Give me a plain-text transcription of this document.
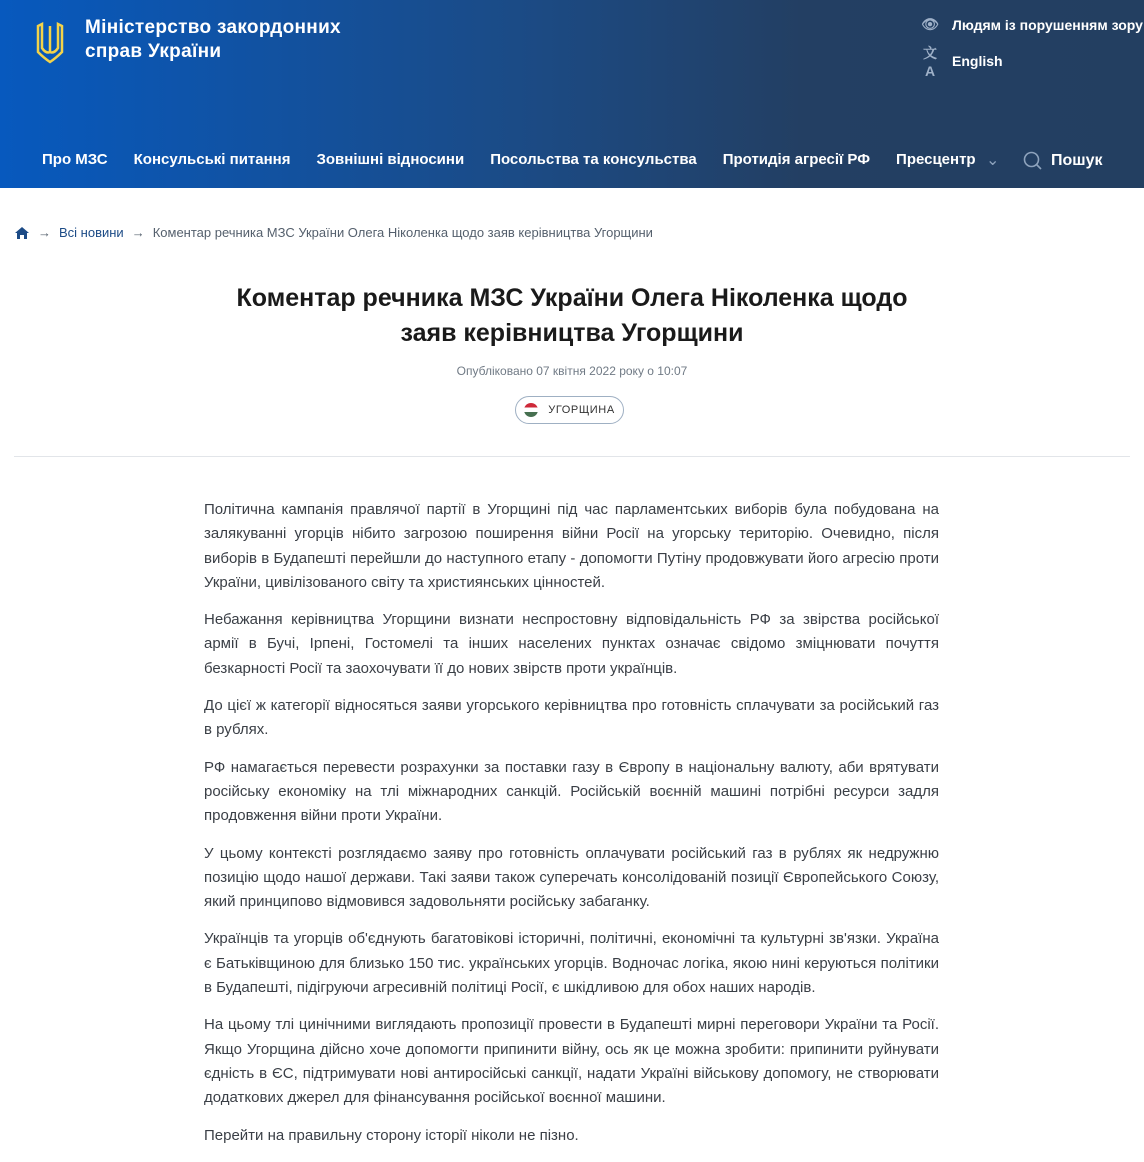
Міністерство закордонних
справ України
👁 Людям із порушенням зору
文A
English
Про МЗС Консульські питання Зовнішні відносини Посольства та консульства Протидія агресії РФ Пресцентр ⌄	Пошук
→ Всі новини → Коментар речника МЗС України Олега Ніколенка щодо заяв керівництва Угорщини
Коментар речника МЗС України Олега Ніколенка щодо заяв керівництва Угорщини
Опубліковано 07 квітня 2022 року о 10:07
УГОРЩИНА

Політична кампанія правлячої партії в Угорщині під час парламентських виборів була побудована на залякуванні угорців нібито загрозою поширення війни Росії на угорську територію. Очевидно, після виборів в Будапешті перейшли до наступного етапу - допомогти Путіну продовжувати його агресію проти України, цивілізованого світу та християнських цінностей.

Небажання керівництва Угорщини визнати неспростовну відповідальність РФ за звірства російської армії в Бучі, Ірпені, Гостомелі та інших населених пунктах означає свідомо зміцнювати почуття безкарності Росії та заохочувати її до нових звірств проти українців.

До цієї ж категорії відносяться заяви угорського керівництва про готовність сплачувати за російський газ в рублях.

РФ намагається перевести розрахунки за поставки газу в Європу в національну валюту, аби врятувати російську економіку на тлі міжнародних санкцій. Російській воєнній машині потрібні ресурси задля продовження війни проти України.

У цьому контексті розглядаємо заяву про готовність оплачувати російський газ в рублях як недружню позицію щодо нашої держави. Такі заяви також суперечать консолідованій позиції Європейського Союзу, який принципово відмовився задовольняти російську забаганку.

Українців та угорців об'єднують багатовікові історичні, політичні, економічні та культурні зв'язки. Україна є Батьківщиною для близько 150 тис. українських угорців. Водночас логіка, якою нині керуються політики в Будапешті, підігруючи агресивній політиці Росії, є шкідливою для обох наших народів.

На цьому тлі цинічними виглядають пропозиції провести в Будапешті мирні переговори України та Росії. Якщо Угорщина дійсно хоче допомогти припинити війну, ось як це можна зробити: припинити руйнувати єдність в ЄС, підтримувати нові антиросійські санкції, надати Україні військову допомогу, не створювати додаткових джерел для фінансування російської воєнної машини.

Перейти на правильну сторону історії ніколи не пізно.
